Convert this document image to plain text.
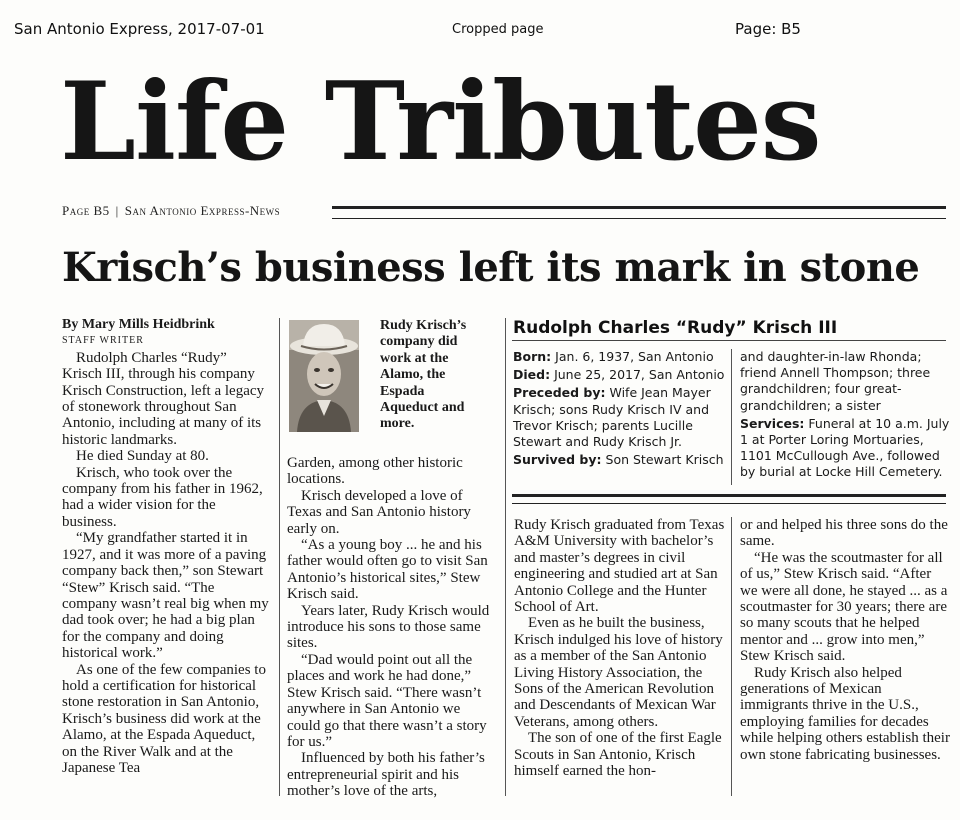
San Antonio Express, 2017-07-01	Cropped page	Page: B5
Life Tributes
Page B5 | San Antonio Express-News
Krisch’s business left its mark in stone

By Mary Mills Heidbrink

STAFF WRITER

Rudolph Charles “Rudy” Krisch III, through his company Krisch Construction, left a legacy of stonework throughout San Antonio, including at many of its historic landmarks.

He died Sunday at 80.

Krisch, who took over the company from his father in 1962, had a wider vision for the business.

“My grandfather started it in 1927, and it was more of a paving company back then,” son Stewart “Stew” Krisch said. “The company wasn’t real big when my dad took over; he had a big plan for the company and doing historical work.”

As one of the few companies to hold a certification for historical stone restoration in San Antonio, Krisch’s business did work at the Alamo, at the Espada Aqueduct, on the River Walk and at the Japanese Tea

Rudy Krisch’s company did work at the Alamo, the Espada Aqueduct and more.

Garden, among other historic locations.

Krisch developed a love of Texas and San Antonio history early on.

“As a young boy ... he and his father would often go to visit San Antonio’s historical sites,” Stew Krisch said.

Years later, Rudy Krisch would introduce his sons to those same sites.

“Dad would point out all the places and work he had done,” Stew Krisch said. “There wasn’t anywhere in San Antonio we could go that there wasn’t a story for us.”

Influenced by both his father’s entrepreneurial spirit and his mother’s love of the arts,

Rudolph Charles “Rudy” Krisch III

Born: Jan. 6, 1937, San Antonio

Died: June 25, 2017, San Antonio

Preceded by: Wife Jean Mayer Krisch; sons Rudy Krisch IV and Trevor Krisch; parents Lucille Stewart and Rudy Krisch Jr.

Survived by: Son Stewart Krisch

and daughter-in-law Rhonda; friend Annell Thompson; three grandchildren; four great-grandchildren; a sister

Services: Funeral at 10 a.m. July 1 at Porter Loring Mortuaries, 1101 McCullough Ave., followed by burial at Locke Hill Cemetery.

Rudy Krisch graduated from Texas A&M University with bachelor’s and master’s degrees in civil engineering and studied art at San Antonio College and the Hunter School of Art.

Even as he built the business, Krisch indulged his love of history as a member of the San Antonio Living History Association, the Sons of the American Revolution and Descendants of Mexican War Veterans, among others.

The son of one of the first Eagle Scouts in San Antonio, Krisch himself earned the hon-

or and helped his three sons do the same.

“He was the scoutmaster for all of us,” Stew Krisch said. “After we were all done, he stayed ... as a scoutmaster for 30 years; there are so many scouts that he helped mentor and ... grow into men,” Stew Krisch said.

Rudy Krisch also helped generations of Mexican immigrants thrive in the U.S., employing families for decades while helping others establish their own stone fabricating businesses.
